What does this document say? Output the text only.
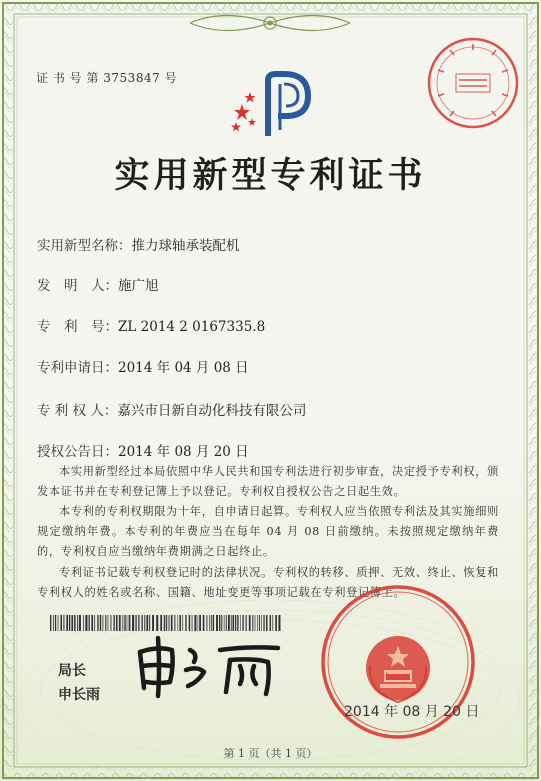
证 书 号 第 3753847 号
实用新型专利证书
实用新型名称：推力球轴承装配机
发　明　人：施广旭
专　利　号：ZL 2014 2 0167335.8
专利申请日：2014 年 04 月 08 日
专 利 权 人：嘉兴市日新自动化科技有限公司
授权公告日：2014 年 08 月 20 日
本实用新型经过本局依照中华人民共和国专利法进行初步审查，决定授予专利权，颁发本证书并在专利登记簿上予以登记。专利权自授权公告之日起生效。
本专利的专利权期限为十年，自申请日起算。专利权人应当依照专利法及其实施细则规定缴纳年费。本专利的年费应当在每年 04 月 08 日前缴纳。未按照规定缴纳年费的，专利权自应当缴纳年费期满之日起终止。
专利证书记载专利权登记时的法律状况。专利权的转移、质押、无效、终止、恢复和专利权人的姓名或名称、国籍、地址变更等事项记载在专利登记簿上。
局长
申长雨
2014 年 08 月 20 日
第 1 页（共 1 页）
